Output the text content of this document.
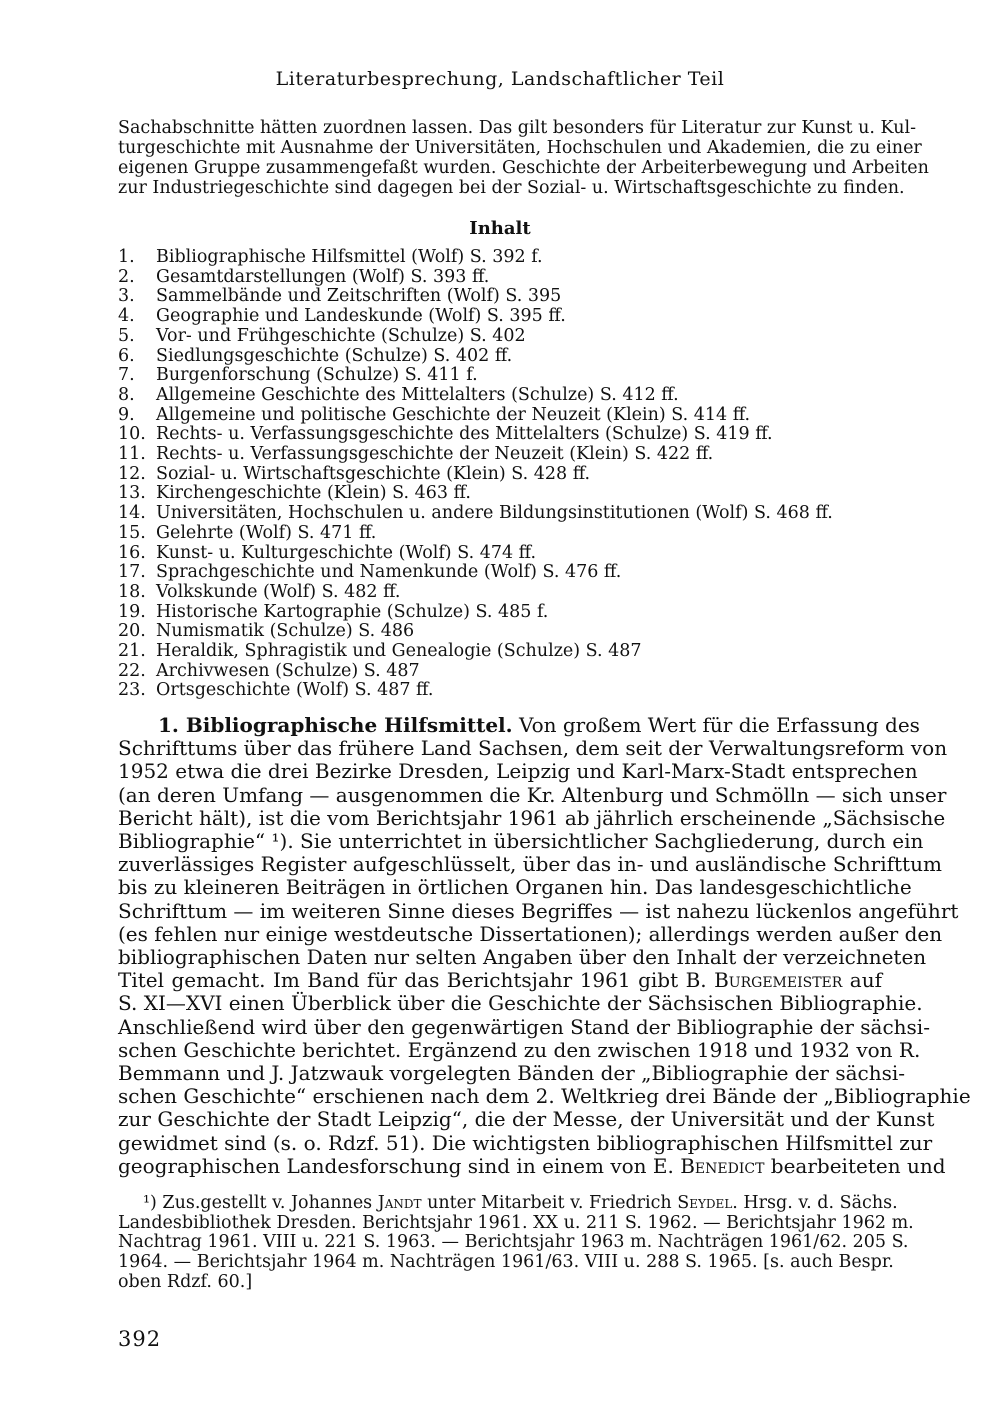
Literaturbesprechung, Landschaftlicher Teil
Sachabschnitte hätten zuordnen lassen. Das gilt besonders für Literatur zur Kunst u. Kul-
turgeschichte mit Ausnahme der Universitäten, Hochschulen und Akademien, die zu einer
eigenen Gruppe zusammengefaßt wurden. Geschichte der Arbeiterbewegung und Arbeiten
zur Industriegeschichte sind dagegen bei der Sozial- u. Wirtschaftsgeschichte zu finden.
Inhalt
1.	Bibliographische Hilfsmittel (Wolf) S. 392 f.
2.	Gesamtdarstellungen (Wolf) S. 393 ff.
3.	Sammelbände und Zeitschriften (Wolf) S. 395
4.	Geographie und Landeskunde (Wolf) S. 395 ff.
5.	Vor- und Frühgeschichte (Schulze) S. 402
6.	Siedlungsgeschichte (Schulze) S. 402 ff.
7.	Burgenforschung (Schulze) S. 411 f.
8.	Allgemeine Geschichte des Mittelalters (Schulze) S. 412 ff.
9.	Allgemeine und politische Geschichte der Neuzeit (Klein) S. 414 ff.
10. Rechts- u. Verfassungsgeschichte des Mittelalters (Schulze) S. 419 ff.
11. Rechts- u. Verfassungsgeschichte der Neuzeit (Klein) S. 422 ff.
12. Sozial- u. Wirtschaftsgeschichte (Klein) S. 428 ff.
13. Kirchengeschichte (Klein) S. 463 ff.
14. Universitäten, Hochschulen u. andere Bildungsinstitutionen (Wolf) S. 468 ff.
15. Gelehrte (Wolf) S. 471 ff.
16. Kunst- u. Kulturgeschichte (Wolf) S. 474 ff.
17. Sprachgeschichte und Namenkunde (Wolf) S. 476 ff.
18. Volkskunde (Wolf) S. 482 ff.
19. Historische Kartographie (Schulze) S. 485 f.
20. Numismatik (Schulze) S. 486
21. Heraldik, Sphragistik und Genealogie (Schulze) S. 487
22. Archivwesen (Schulze) S. 487
23. Ortsgeschichte (Wolf) S. 487 ff.
1. Bibliographische Hilfsmittel. Von großem Wert für die Erfassung des
Schrifttums über das frühere Land Sachsen, dem seit der Verwaltungsreform von
1952 etwa die drei Bezirke Dresden, Leipzig und Karl-Marx-Stadt entsprechen
(an deren Umfang — ausgenommen die Kr. Altenburg und Schmölln — sich unser
Bericht hält), ist die vom Berichtsjahr 1961 ab jährlich erscheinende „Sächsische
Bibliographie“ ¹). Sie unterrichtet in übersichtlicher Sachgliederung, durch ein
zuverlässiges Register aufgeschlüsselt, über das in- und ausländische Schrifttum
bis zu kleineren Beiträgen in örtlichen Organen hin. Das landesgeschichtliche
Schrifttum — im weiteren Sinne dieses Begriffes — ist nahezu lückenlos angeführt
(es fehlen nur einige westdeutsche Dissertationen); allerdings werden außer den
bibliographischen Daten nur selten Angaben über den Inhalt der verzeichneten
Titel gemacht. Im Band für das Berichtsjahr 1961 gibt B. Burgemeister auf
S. XI—XVI einen Überblick über die Geschichte der Sächsischen Bibliographie.
Anschließend wird über den gegenwärtigen Stand der Bibliographie der sächsi-
schen Geschichte berichtet. Ergänzend zu den zwischen 1918 und 1932 von R.
Bemmann und J. Jatzwauk vorgelegten Bänden der „Bibliographie der sächsi-
schen Geschichte“ erschienen nach dem 2. Weltkrieg drei Bände der „Bibliographie
zur Geschichte der Stadt Leipzig“, die der Messe, der Universität und der Kunst
gewidmet sind (s. o. Rdzf. 51). Die wichtigsten bibliographischen Hilfsmittel zur
geographischen Landesforschung sind in einem von E. Benedict bearbeiteten und
¹) Zus.gestellt v. Johannes Jandt unter Mitarbeit v. Friedrich Seydel. Hrsg. v. d. Sächs.
Landesbibliothek Dresden. Berichtsjahr 1961. XX u. 211 S. 1962. — Berichtsjahr 1962 m.
Nachtrag 1961. VIII u. 221 S. 1963. — Berichtsjahr 1963 m. Nachträgen 1961/62. 205 S.
1964. — Berichtsjahr 1964 m. Nachträgen 1961/63. VIII u. 288 S. 1965. [s. auch Bespr.
oben Rdzf. 60.]
392
